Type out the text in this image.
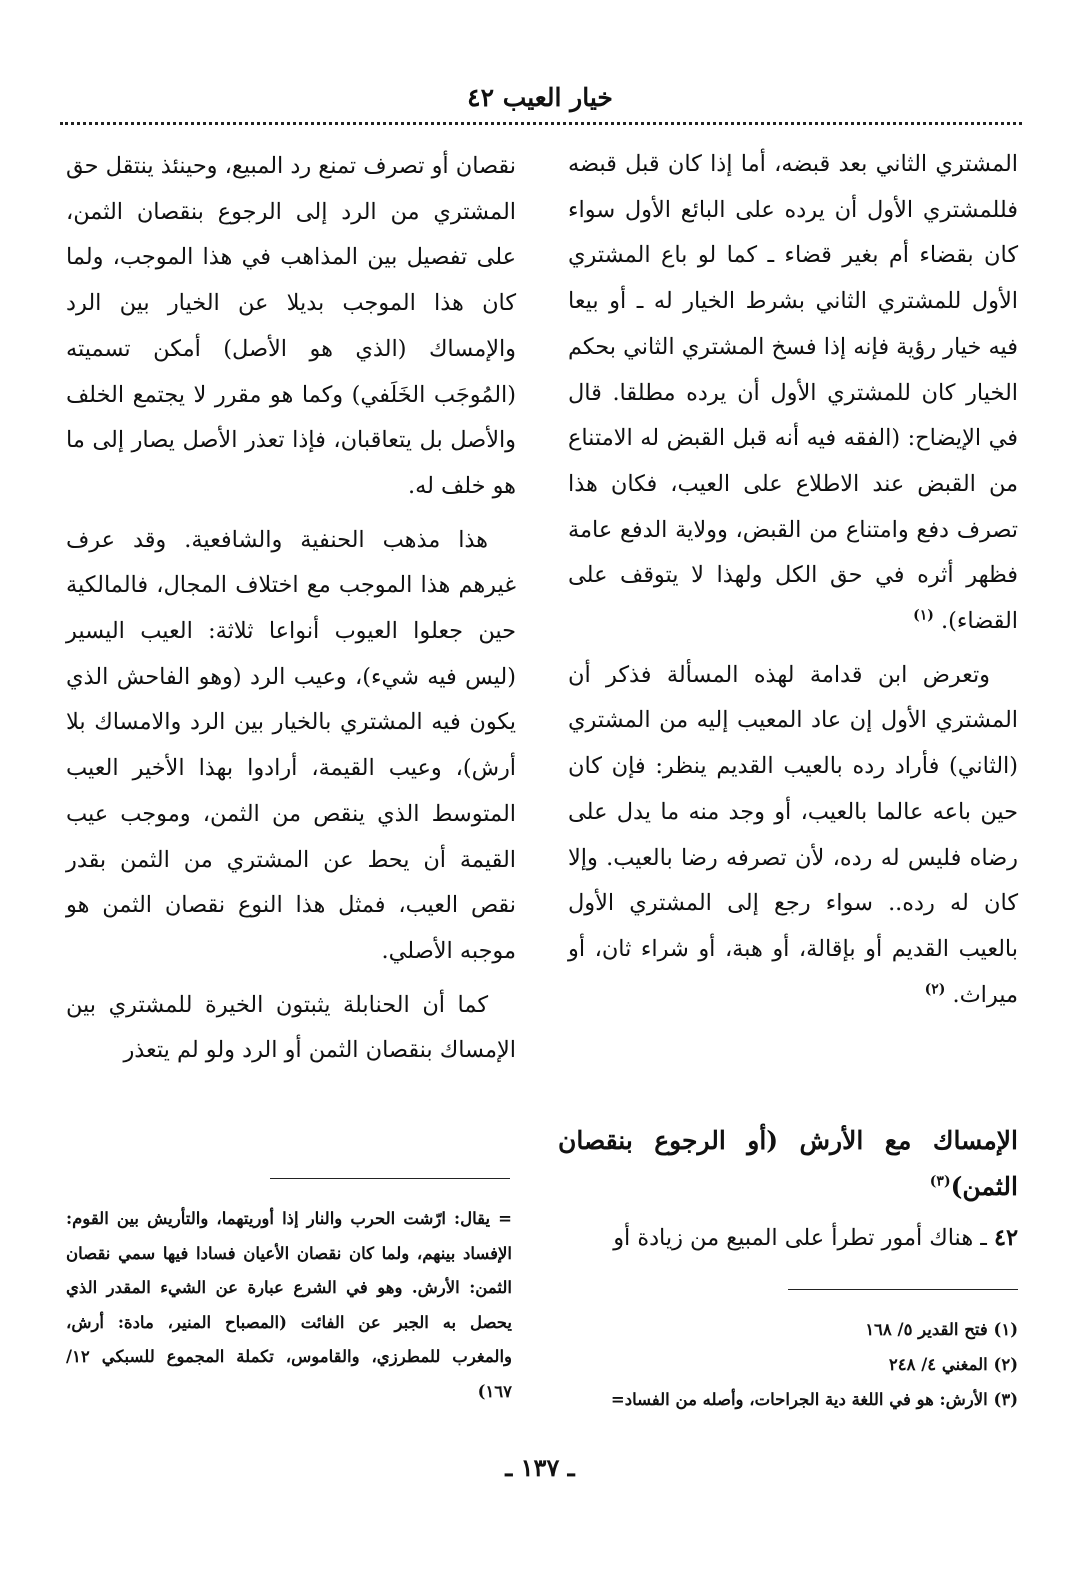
خيار العيب ٤٢

المشتري الثاني بعد قبضه، أما إذا كان قبل قبضه فللمشتري الأول أن يرده على البائع الأول سواء كان بقضاء أم بغير قضاء ـ كما لو باع المشتري الأول للمشتري الثاني بشرط الخيار له ـ أو بيعا فيه خيار رؤية فإنه إذا فسخ المشتري الثاني بحكم الخيار كان للمشتري الأول أن يرده مطلقا. قال في الإيضاح: (الفقه فيه أنه قبل القبض له الامتناع من القبض عند الاطلاع على العيب، فكان هذا تصرف دفع وامتناع من القبض، وولاية الدفع عامة فظهر أثره في حق الكل ولهذا لا يتوقف على القضاء). $^{(١)}$

وتعرض ابن قدامة لهذه المسألة فذكر أن المشتري الأول إن عاد المعيب إليه من المشتري (الثاني) فأراد رده بالعيب القديم ينظر: فإن كان حين باعه عالما بالعيب، أو وجد منه ما يدل على رضاه فليس له رده، لأن تصرفه رضا بالعيب. وإلا كان له رده.. سواء رجع إلى المشتري الأول بالعيب القديم أو بإقالة، أو هبة، أو شراء ثان، أو ميراث. $^{(٢)}$

الإمساك مع الأرش (أو الرجوع بنقصان الثمن)$^{(٣)}$
٤٢ ـ هناك أمور تطرأ على المبيع من زيادة أو

نقصان أو تصرف تمنع رد المبيع، وحينئذ ينتقل حق المشتري من الرد إلى الرجوع بنقصان الثمن، على تفصيل بين المذاهب في هذا الموجب، ولما كان هذا الموجب بديلا عن الخيار بين الرد والإمساك (الذي هو الأصل) أمكن تسميته (المُوجَب الخَلَفي) وكما هو مقرر لا يجتمع الخلف والأصل بل يتعاقبان، فإذا تعذر الأصل يصار إلى ما هو خلف له.

هذا مذهب الحنفية والشافعية. وقد عرف غيرهم هذا الموجب مع اختلاف المجال، فالمالكية حين جعلوا العيوب أنواعا ثلاثة: العيب اليسير (ليس فيه شيء)، وعيب الرد (وهو الفاحش الذي يكون فيه المشتري بالخيار بين الرد والامساك بلا أرش)، وعيب القيمة، أرادوا بهذا الأخير العيب المتوسط الذي ينقص من الثمن، وموجب عيب القيمة أن يحط عن المشتري من الثمن بقدر نقص العيب، فمثل هذا النوع نقصان الثمن هو موجبه الأصلي.

كما أن الحنابلة يثبتون الخيرة للمشتري بين الإمساك بنقصان الثمن أو الرد ولو لم يتعذر

= يقال: ارّشت الحرب والنار إذا أوريتهما، والتأريش بين القوم: الإفساد بينهم، ولما كان نقصان الأعيان فسادا فيها سمي نقصان الثمن: الأرش. وهو في الشرع عبارة عن الشيء المقدر الذي يحصل به الجبر عن الفائت (المصباح المنير، مادة: أرش، والمغرب للمطرزي، والقاموس، تكملة المجموع للسبكي ١٢/ ١٦٧)
(١) فتح القدير ٥/ ١٦٨
(٢) المغني ٤/ ٢٤٨
(٣) الأرش: هو في اللغة دية الجراحات، وأصله من الفساد=
ـ ١٣٧ ـ
